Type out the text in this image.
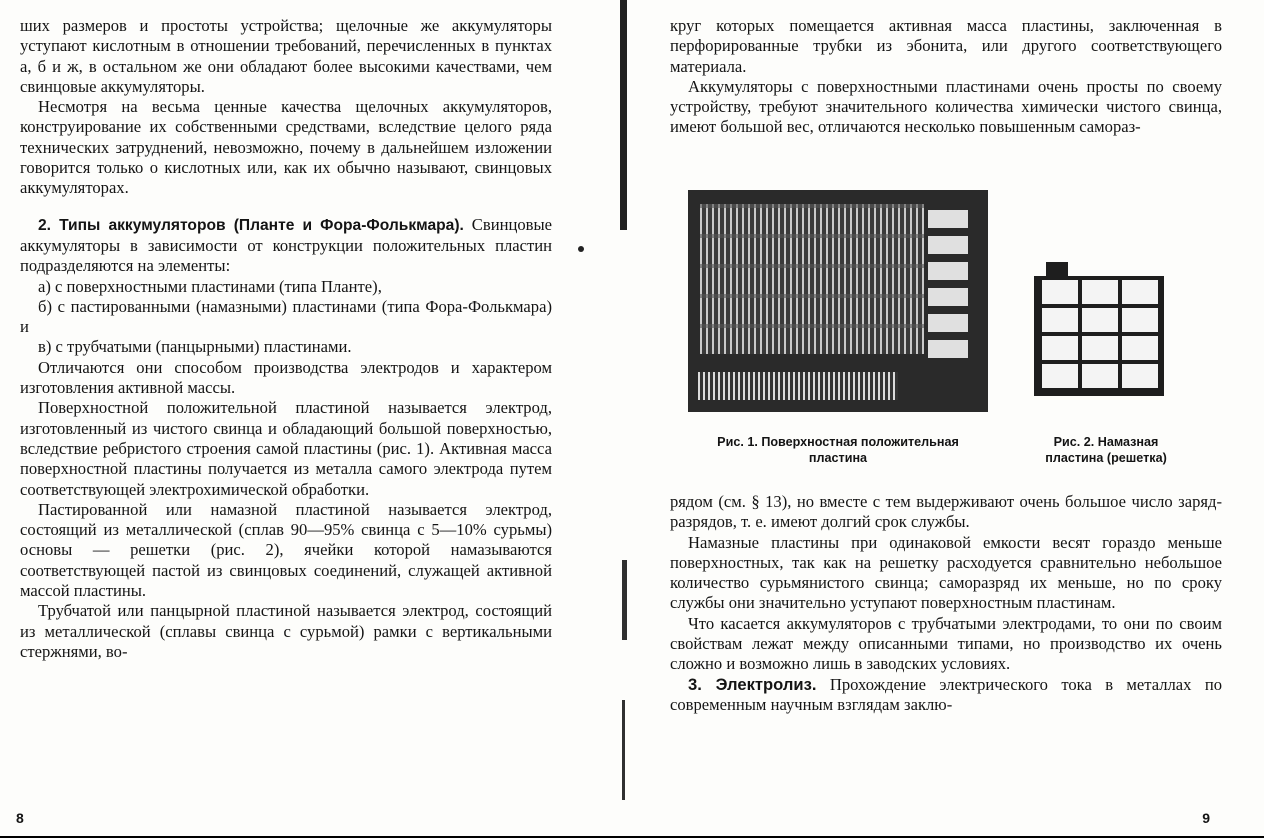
ших размеров и простоты устройства; щелочные же аккумуляторы уступают кислотным в отношении требований, перечисленных в пунктах а, б и ж, в остальном же они обладают более высокими качествами, чем свинцовые аккумуляторы.

Несмотря на весьма ценные качества щелочных аккумуляторов, конструирование их собственными средствами, вследствие целого ряда технических затруднений, невозможно, почему в дальнейшем изложении говорится только о кислотных или, как их обычно называют, свинцовых аккумуляторах.

2. Типы аккумуляторов (Планте и Фора-Фолькмара). Свинцовые аккумуляторы в зависимости от конструкции положительных пластин подразделяются на элементы:

а) с поверхностными пластинами (типа Планте),

б) с пастированными (намазными) пластинами (типа Фора-Фолькмара) и

в) с трубчатыми (панцырными) пластинами.

Отличаются они способом производства электродов и характером изготовления активной массы.

Поверхностной положительной пластиной называется электрод, изготовленный из чистого свинца и обладающий большой поверхностью, вследствие ребристого строения самой пластины (рис. 1). Активная масса поверхностной пластины получается из металла самого электрода путем соответствующей электрохимической обработки.

Пастированной или намазной пластиной называется электрод, состоящий из металлической (сплав 90—95% свинца с 5—10% сурьмы) основы — решетки (рис. 2), ячейки которой намазываются соответствующей пастой из свинцовых соединений, служащей активной массой пластины.

Трубчатой или панцырной пластиной называется электрод, состоящий из металлической (сплавы свинца с сурьмой) рамки с вертикальными стержнями, во-

8

круг которых помещается активная масса пластины, заключенная в перфорированные трубки из эбонита, или другого соответствующего материала.

Аккумуляторы с поверхностными пластинами очень просты по своему устройству, требуют значительного количества химически чистого свинца, имеют большой вес, отличаются несколько повышенным самораз-

Рис. 1. Поверхностная положительная пластина
Рис. 2. Намазная пластина (решетка)

рядом (см. § 13), но вместе с тем выдерживают очень большое число заряд-разрядов, т. е. имеют долгий срок службы.

Намазные пластины при одинаковой емкости весят гораздо меньше поверхностных, так как на решетку расходуется сравнительно небольшое количество сурьмянистого свинца; саморазряд их меньше, но по сроку службы они значительно уступают поверхностным пластинам.

Что касается аккумуляторов с трубчатыми электродами, то они по своим свойствам лежат между описанными типами, но производство их очень сложно и возможно лишь в заводских условиях.

3. Электролиз. Прохождение электрического тока в металлах по современным научным взглядам заклю-

9
